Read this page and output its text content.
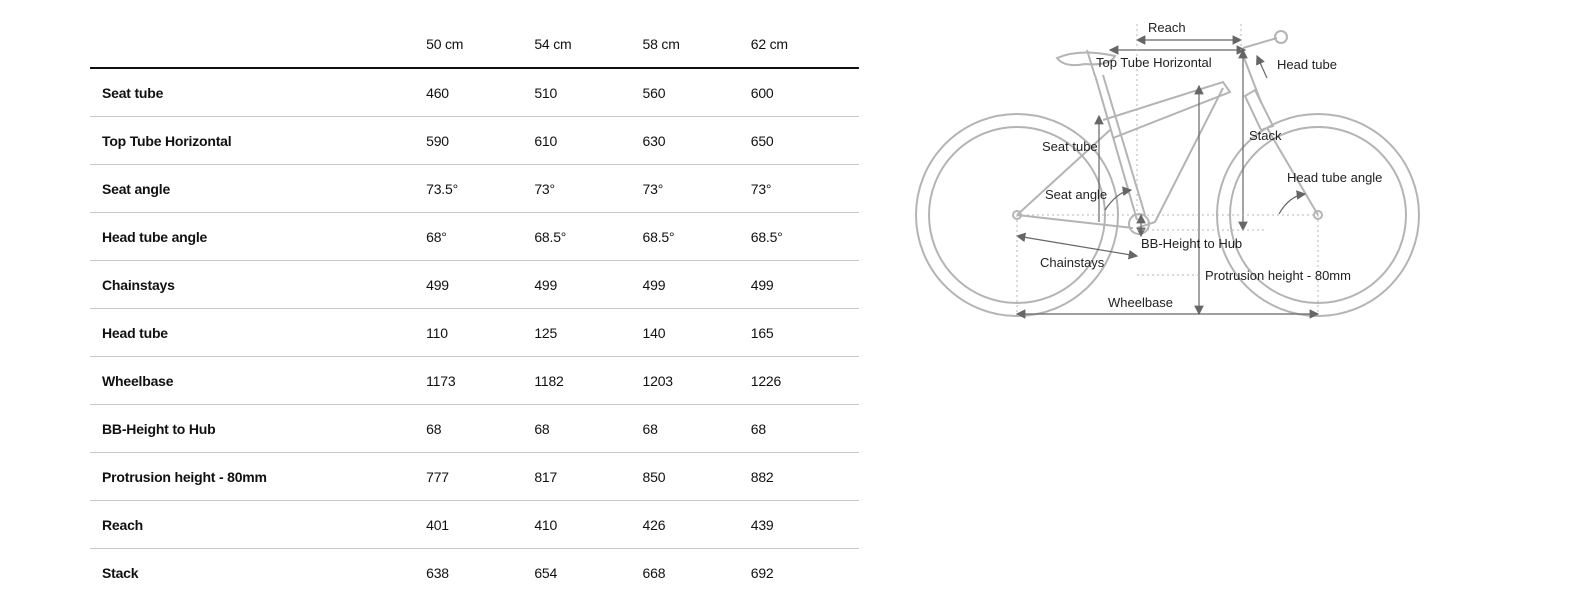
	50 cm	54 cm	58 cm	62 cm
Seat tube	460	510	560	600
Top Tube Horizontal	590	610	630	650
Seat angle	73.5°	73°	73°	73°
Head tube angle	68°	68.5°	68.5°	68.5°
Chainstays	499	499	499	499
Head tube	110	125	140	165
Wheelbase	1173	1182	1203	1226
BB-Height to Hub	68	68	68	68
Protrusion height - 80mm	777	817	850	882
Reach	401	410	426	439
Stack	638	654	668	692
Reach
Top Tube Horizontal	Head tube
Stack
Seat tube
Seat angle
Head tube angle
BB-Height to Hub
Chainstays
Protrusion height - 80mm
Wheelbase
